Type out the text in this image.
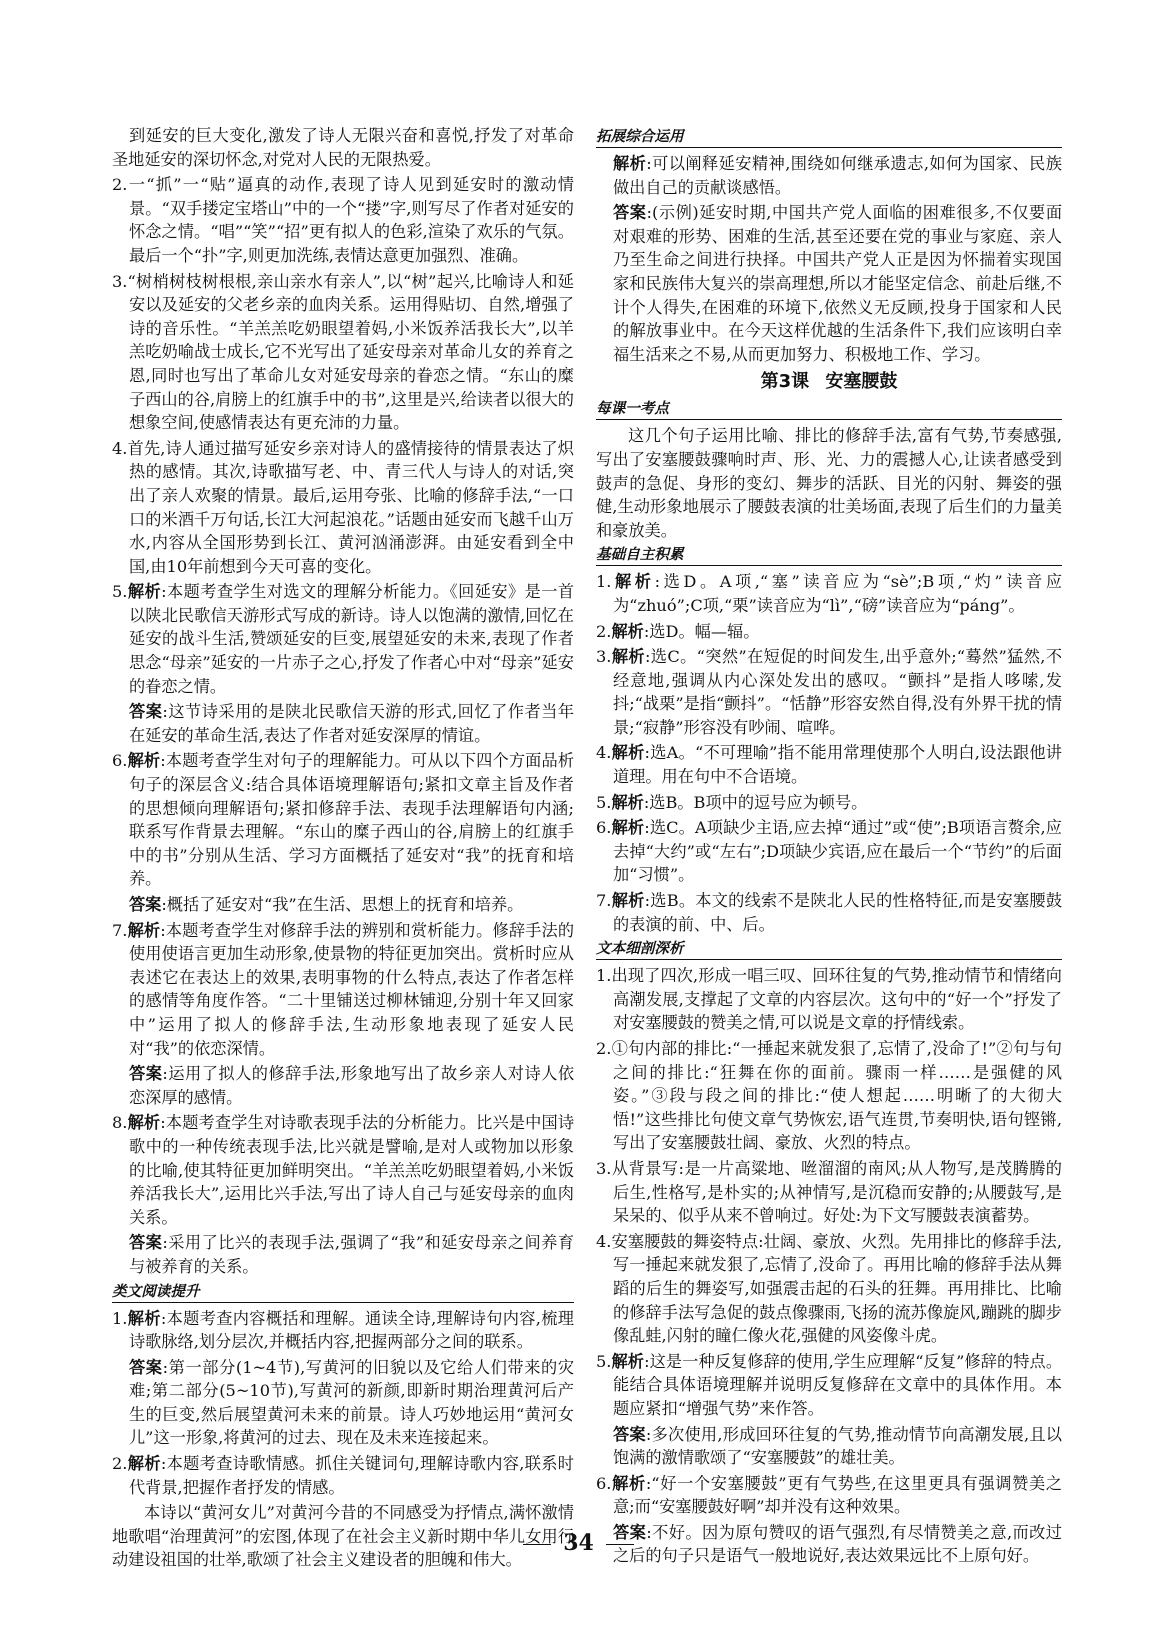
到延安的巨大变化,激发了诗人无限兴奋和喜悦,抒发了对革命圣地延安的深切怀念,对党对人民的无限热爱。

2.一“抓”一“贴”逼真的动作,表现了诗人见到延安时的激动情景。“双手搂定宝塔山”中的一个“搂”字,则写尽了作者对延安的怀念之情。“唱”“笑”“招”更有拟人的色彩,渲染了欢乐的气氛。最后一个“扑”字,则更加洗练,表情达意更加强烈、准确。

3.“树梢树枝树根根,亲山亲水有亲人”,以“树”起兴,比喻诗人和延安以及延安的父老乡亲的血肉关系。运用得贴切、自然,增强了诗的音乐性。“羊羔羔吃奶眼望着妈,小米饭养活我长大”,以羊羔吃奶喻战士成长,它不光写出了延安母亲对革命儿女的养育之恩,同时也写出了革命儿女对延安母亲的眷恋之情。“东山的糜子西山的谷,肩膀上的红旗手中的书”,这里是兴,给读者以很大的想象空间,使感情表达有更充沛的力量。

4.首先,诗人通过描写延安乡亲对诗人的盛情接待的情景表达了炽热的感情。其次,诗歌描写老、中、青三代人与诗人的对话,突出了亲人欢聚的情景。最后,运用夸张、比喻的修辞手法,“一口口的米酒千万句话,长江大河起浪花。”话题由延安而飞越千山万水,内容从全国形势到长江、黄河汹涌澎湃。由延安看到全中国,由10年前想到今天可喜的变化。

5.解析:本题考查学生对选文的理解分析能力。《回延安》是一首以陕北民歌信天游形式写成的新诗。诗人以饱满的激情,回忆在延安的战斗生活,赞颂延安的巨变,展望延安的未来,表现了作者思念“母亲”延安的一片赤子之心,抒发了作者心中对“母亲”延安的眷恋之情。

答案:这节诗采用的是陕北民歌信天游的形式,回忆了作者当年在延安的革命生活,表达了作者对延安深厚的情谊。

6.解析:本题考查学生对句子的理解能力。可从以下四个方面品析句子的深层含义:结合具体语境理解语句;紧扣文章主旨及作者的思想倾向理解语句;紧扣修辞手法、表现手法理解语句内涵;联系写作背景去理解。“东山的糜子西山的谷,肩膀上的红旗手中的书”分别从生活、学习方面概括了延安对“我”的抚育和培养。

答案:概括了延安对“我”在生活、思想上的抚育和培养。

7.解析:本题考查学生对修辞手法的辨别和赏析能力。修辞手法的使用使语言更加生动形象,使景物的特征更加突出。赏析时应从表述它在表达上的效果,表明事物的什么特点,表达了作者怎样的感情等角度作答。“二十里铺送过柳林铺迎,分别十年又回家中”运用了拟人的修辞手法,生动形象地表现了延安人民对“我”的依恋深情。

答案:运用了拟人的修辞手法,形象地写出了故乡亲人对诗人依恋深厚的感情。

8.解析:本题考查学生对诗歌表现手法的分析能力。比兴是中国诗歌中的一种传统表现手法,比兴就是譬喻,是对人或物加以形象的比喻,使其特征更加鲜明突出。“羊羔羔吃奶眼望着妈,小米饭养活我长大”,运用比兴手法,写出了诗人自己与延安母亲的血肉关系。

答案:采用了比兴的表现手法,强调了“我”和延安母亲之间养育与被养育的关系。

类文阅读提升

1.解析:本题考查内容概括和理解。通读全诗,理解诗句内容,梳理诗歌脉络,划分层次,并概括内容,把握两部分之间的联系。

答案:第一部分(1~4节),写黄河的旧貌以及它给人们带来的灾难;第二部分(5~10节),写黄河的新颜,即新时期治理黄河后产生的巨变,然后展望黄河未来的前景。诗人巧妙地运用“黄河女儿”这一形象,将黄河的过去、现在及未来连接起来。

2.解析:本题考查诗歌情感。抓住关键词句,理解诗歌内容,联系时代背景,把握作者抒发的情感。

本诗以“黄河女儿”对黄河今昔的不同感受为抒情点,满怀激情地歌唱“治理黄河”的宏图,体现了在社会主义新时期中华儿女用行动建设祖国的壮举,歌颂了社会主义建设者的胆魄和伟大。

拓展综合运用

解析:可以阐释延安精神,围绕如何继承遗志,如何为国家、民族做出自己的贡献谈感悟。

答案:(示例)延安时期,中国共产党人面临的困难很多,不仅要面对艰难的形势、困难的生活,甚至还要在党的事业与家庭、亲人乃至生命之间进行抉择。中国共产党人正是因为怀揣着实现国家和民族伟大复兴的崇高理想,所以才能坚定信念、前赴后继,不计个人得失,在困难的环境下,依然义无反顾,投身于国家和人民的解放事业中。在今天这样优越的生活条件下,我们应该明白幸福生活来之不易,从而更加努力、积极地工作、学习。

第3课 安塞腰鼓
每课一考点

这几个句子运用比喻、排比的修辞手法,富有气势,节奏感强,写出了安塞腰鼓骤响时声、形、光、力的震撼人心,让读者感受到鼓声的急促、身形的变幻、舞步的活跃、目光的闪射、舞姿的强健,生动形象地展示了腰鼓表演的壮美场面,表现了后生们的力量美和豪放美。

基础自主积累

1.解析:选D。A项,“塞”读音应为“sè”;B项,“灼”读音应为“zhuó”;C项,“栗”读音应为“lì”,“磅”读音应为“páng”。

2.解析:选D。幅—辐。

3.解析:选C。“突然”在短促的时间发生,出乎意外;“蓦然”猛然,不经意地,强调从内心深处发出的感叹。“颤抖”是指人哆嗦,发抖;“战栗”是指“颤抖”。“恬静”形容安然自得,没有外界干扰的情景;“寂静”形容没有吵闹、喧哗。

4.解析:选A。“不可理喻”指不能用常理使那个人明白,设法跟他讲道理。用在句中不合语境。

5.解析:选B。B项中的逗号应为顿号。

6.解析:选C。A项缺少主语,应去掉“通过”或“使”;B项语言赘余,应去掉“大约”或“左右”;D项缺少宾语,应在最后一个“节约”的后面加“习惯”。

7.解析:选B。本文的线索不是陕北人民的性格特征,而是安塞腰鼓的表演的前、中、后。

文本细剖深析

1.出现了四次,形成一唱三叹、回环往复的气势,推动情节和情绪向高潮发展,支撑起了文章的内容层次。这句中的“好一个”抒发了对安塞腰鼓的赞美之情,可以说是文章的抒情线索。

2.①句内部的排比:“一捶起来就发狠了,忘情了,没命了!”②句与句之间的排比:“狂舞在你的面前。骤雨一样……是强健的风姿。”③段与段之间的排比:“使人想起……明晰了的大彻大悟!”这些排比句使文章气势恢宏,语气连贯,节奏明快,语句铿锵,写出了安塞腰鼓壮阔、豪放、火烈的特点。

3.从背景写:是一片高粱地、咝溜溜的南风;从人物写,是茂腾腾的后生,性格写,是朴实的;从神情写,是沉稳而安静的;从腰鼓写,是呆呆的、似乎从来不曾响过。好处:为下文写腰鼓表演蓄势。

4.安塞腰鼓的舞姿特点:壮阔、豪放、火烈。先用排比的修辞手法,写一捶起来就发狠了,忘情了,没命了。再用比喻的修辞手法从舞蹈的后生的舞姿写,如强震击起的石头的狂舞。再用排比、比喻的修辞手法写急促的鼓点像骤雨,飞扬的流苏像旋风,蹦跳的脚步像乱蛙,闪射的瞳仁像火花,强健的风姿像斗虎。

5.解析:这是一种反复修辞的使用,学生应理解“反复”修辞的特点。能结合具体语境理解并说明反复修辞在文章中的具体作用。本题应紧扣“增强气势”来作答。

答案:多次使用,形成回环往复的气势,推动情节向高潮发展,且以饱满的激情歌颂了“安塞腰鼓”的雄壮美。

6.解析:“好一个安塞腰鼓”更有气势些,在这里更具有强调赞美之意;而“安塞腰鼓好啊”却并没有这种效果。

答案:不好。因为原句赞叹的语气强烈,有尽情赞美之意,而改过之后的句子只是语气一般地说好,表达效果远比不上原句好。

34
